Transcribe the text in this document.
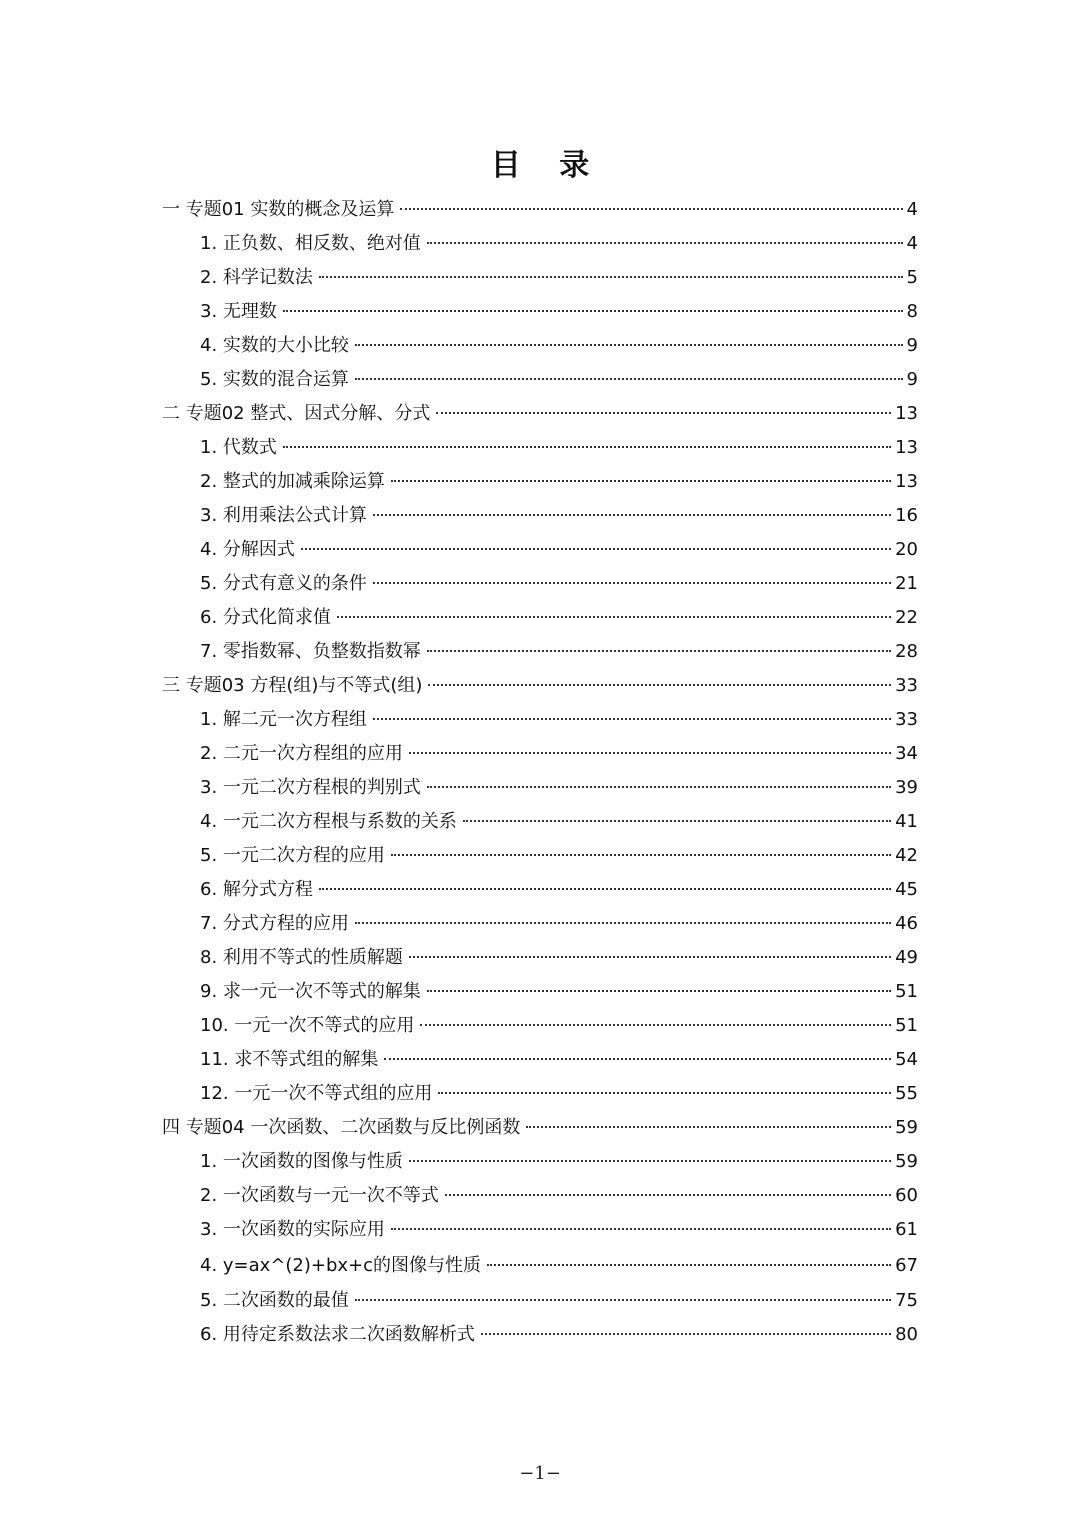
目 录
一 专题01 实数的概念及运算	4
1. 正负数、相反数、绝对值	4
2. 科学记数法	5
3. 无理数	8
4. 实数的大小比较	9
5. 实数的混合运算	9
二 专题02 整式、因式分解、分式	13
1. 代数式	13
2. 整式的加减乘除运算	13
3. 利用乘法公式计算	16
4. 分解因式	20
5. 分式有意义的条件	21
6. 分式化简求值	22
7. 零指数幂、负整数指数幂	28
三 专题03 方程(组)与不等式(组)	33
1. 解二元一次方程组	33
2. 二元一次方程组的应用	34
3. 一元二次方程根的判别式	39
4. 一元二次方程根与系数的关系	41
5. 一元二次方程的应用	42
6. 解分式方程	45
7. 分式方程的应用	46
8. 利用不等式的性质解题	49
9. 求一元一次不等式的解集	51
10. 一元一次不等式的应用	51
11. 求不等式组的解集	54
12. 一元一次不等式组的应用	55
四 专题04 一次函数、二次函数与反比例函数	59
1. 一次函数的图像与性质	59
2. 一次函数与一元一次不等式	60
3. 一次函数的实际应用	61
4. y=ax^(2)+bx+c的图像与性质	67
5. 二次函数的最值	75
6. 用待定系数法求二次函数解析式	80
−1−
